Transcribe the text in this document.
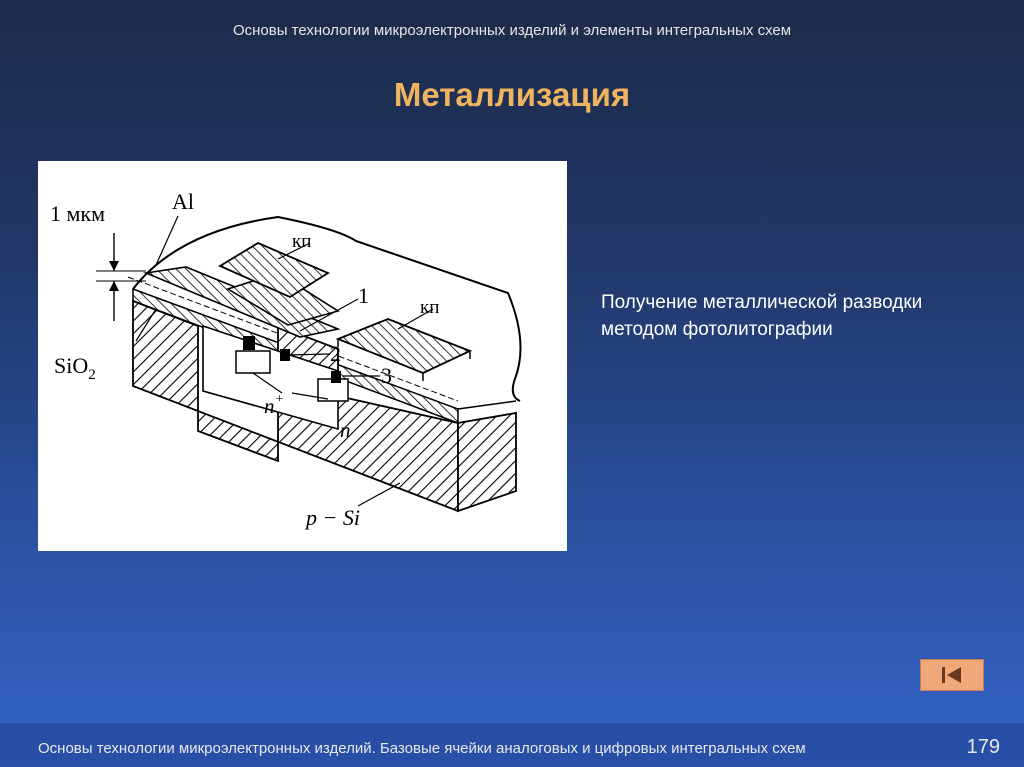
Основы технологии микроэлектронных изделий и элементы интегральных схем
Металлизация
1 мкм	Al
SiO$_2$
кп
кп
1
2
3
n+
n
p − Si
Получение металлической разводки
методом фотолитографии
Основы технологии микроэлектронных изделий. Базовые ячейки аналоговых и цифровых интегральных схем	179
